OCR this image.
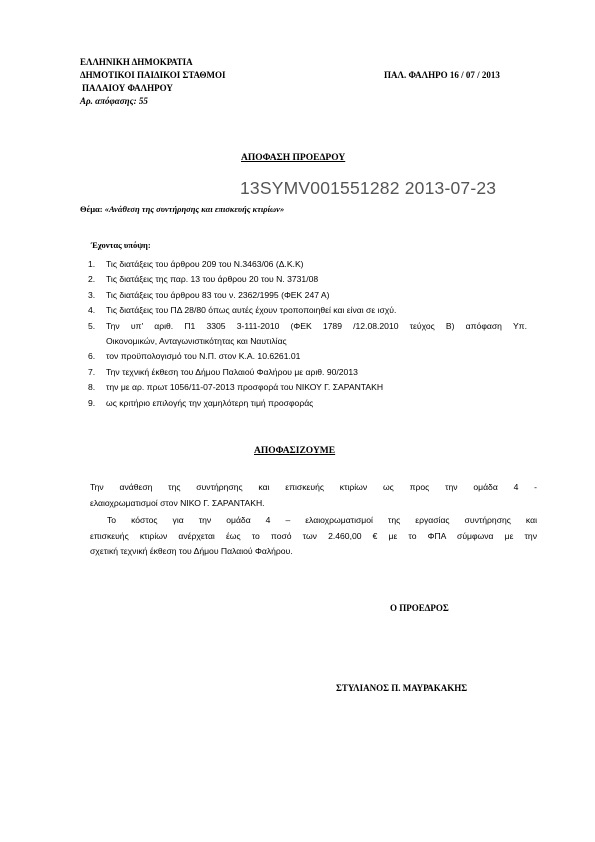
ΕΛΛΗΝΙΚΗ ΔΗΜΟΚΡΑΤΙΑ
ΔΗΜΟΤΙΚΟΙ ΠΑΙΔΙΚΟΙ ΣΤΑΘΜΟΙ
ΠΑΛΑΙΟΥ ΦΑΛΗΡΟΥ
Αρ. απόφασης: 55
ΠΑΛ. ΦΑΛΗΡΟ 16 / 07 / 2013
ΑΠΟΦΑΣΗ ΠΡΟΕΔΡΟΥ
13SYMV001551282 2013-07-23
Θέμα: «Ανάθεση της συντήρησης και επισκευής κτιρίων»
Έχοντας υπόψη:
1. Τις διατάξεις του άρθρου 209 του Ν.3463/06 (Δ.Κ.Κ)
2. Τις διατάξεις της παρ. 13 του άρθρου 20 του Ν. 3731/08
3. Τις διατάξεις του άρθρου 83 του ν. 2362/1995 (ΦΕΚ 247 Α)
4. Τις διατάξεις του ΠΔ 28/80 όπως αυτές έχουν τροποποιηθεί και είναι σε ισχύ.
5. Την υπ' αριθ. Π1 3305 3-111-2010 (ΦΕΚ 1789 /12.08.2010 τεύχος Β) απόφαση Υπ.
Οικονομικών, Ανταγωνιστικότητας και Ναυτιλίας
6. τον προϋπολογισμό του Ν.Π. στον Κ.Α. 10.6261.01
7. Την τεχνική έκθεση του Δήμου Παλαιού Φαλήρου με αριθ. 90/2013
8. την με αρ. πρωτ 1056/11-07-2013 προσφορά του ΝΙΚΟΥ Γ. ΣΑΡΑΝΤΑΚΗ
9. ως κριτήριο επιλογής την χαμηλότερη τιμή προσφοράς
ΑΠΟΦΑΣΙΖΟΥΜΕ
Την ανάθεση της συντήρησης και επισκευής κτιρίων ως προς την ομάδα 4 -
ελαιοχρωματισμοί στον ΝΙΚΟ Γ. ΣΑΡΑΝΤΑΚΗ.
Το κόστος για την ομάδα 4 – ελαιοχρωματισμοί της εργασίας συντήρησης και
επισκευής κτιρίων ανέρχεται έως το ποσό των 2.460,00 € με το ΦΠΑ σύμφωνα με την
σχετική τεχνική έκθεση του Δήμου Παλαιού Φαλήρου.
Ο ΠΡΟΕΔΡΟΣ
ΣΤΥΛΙΑΝΟΣ Π. ΜΑΥΡΑΚΑΚΗΣ
